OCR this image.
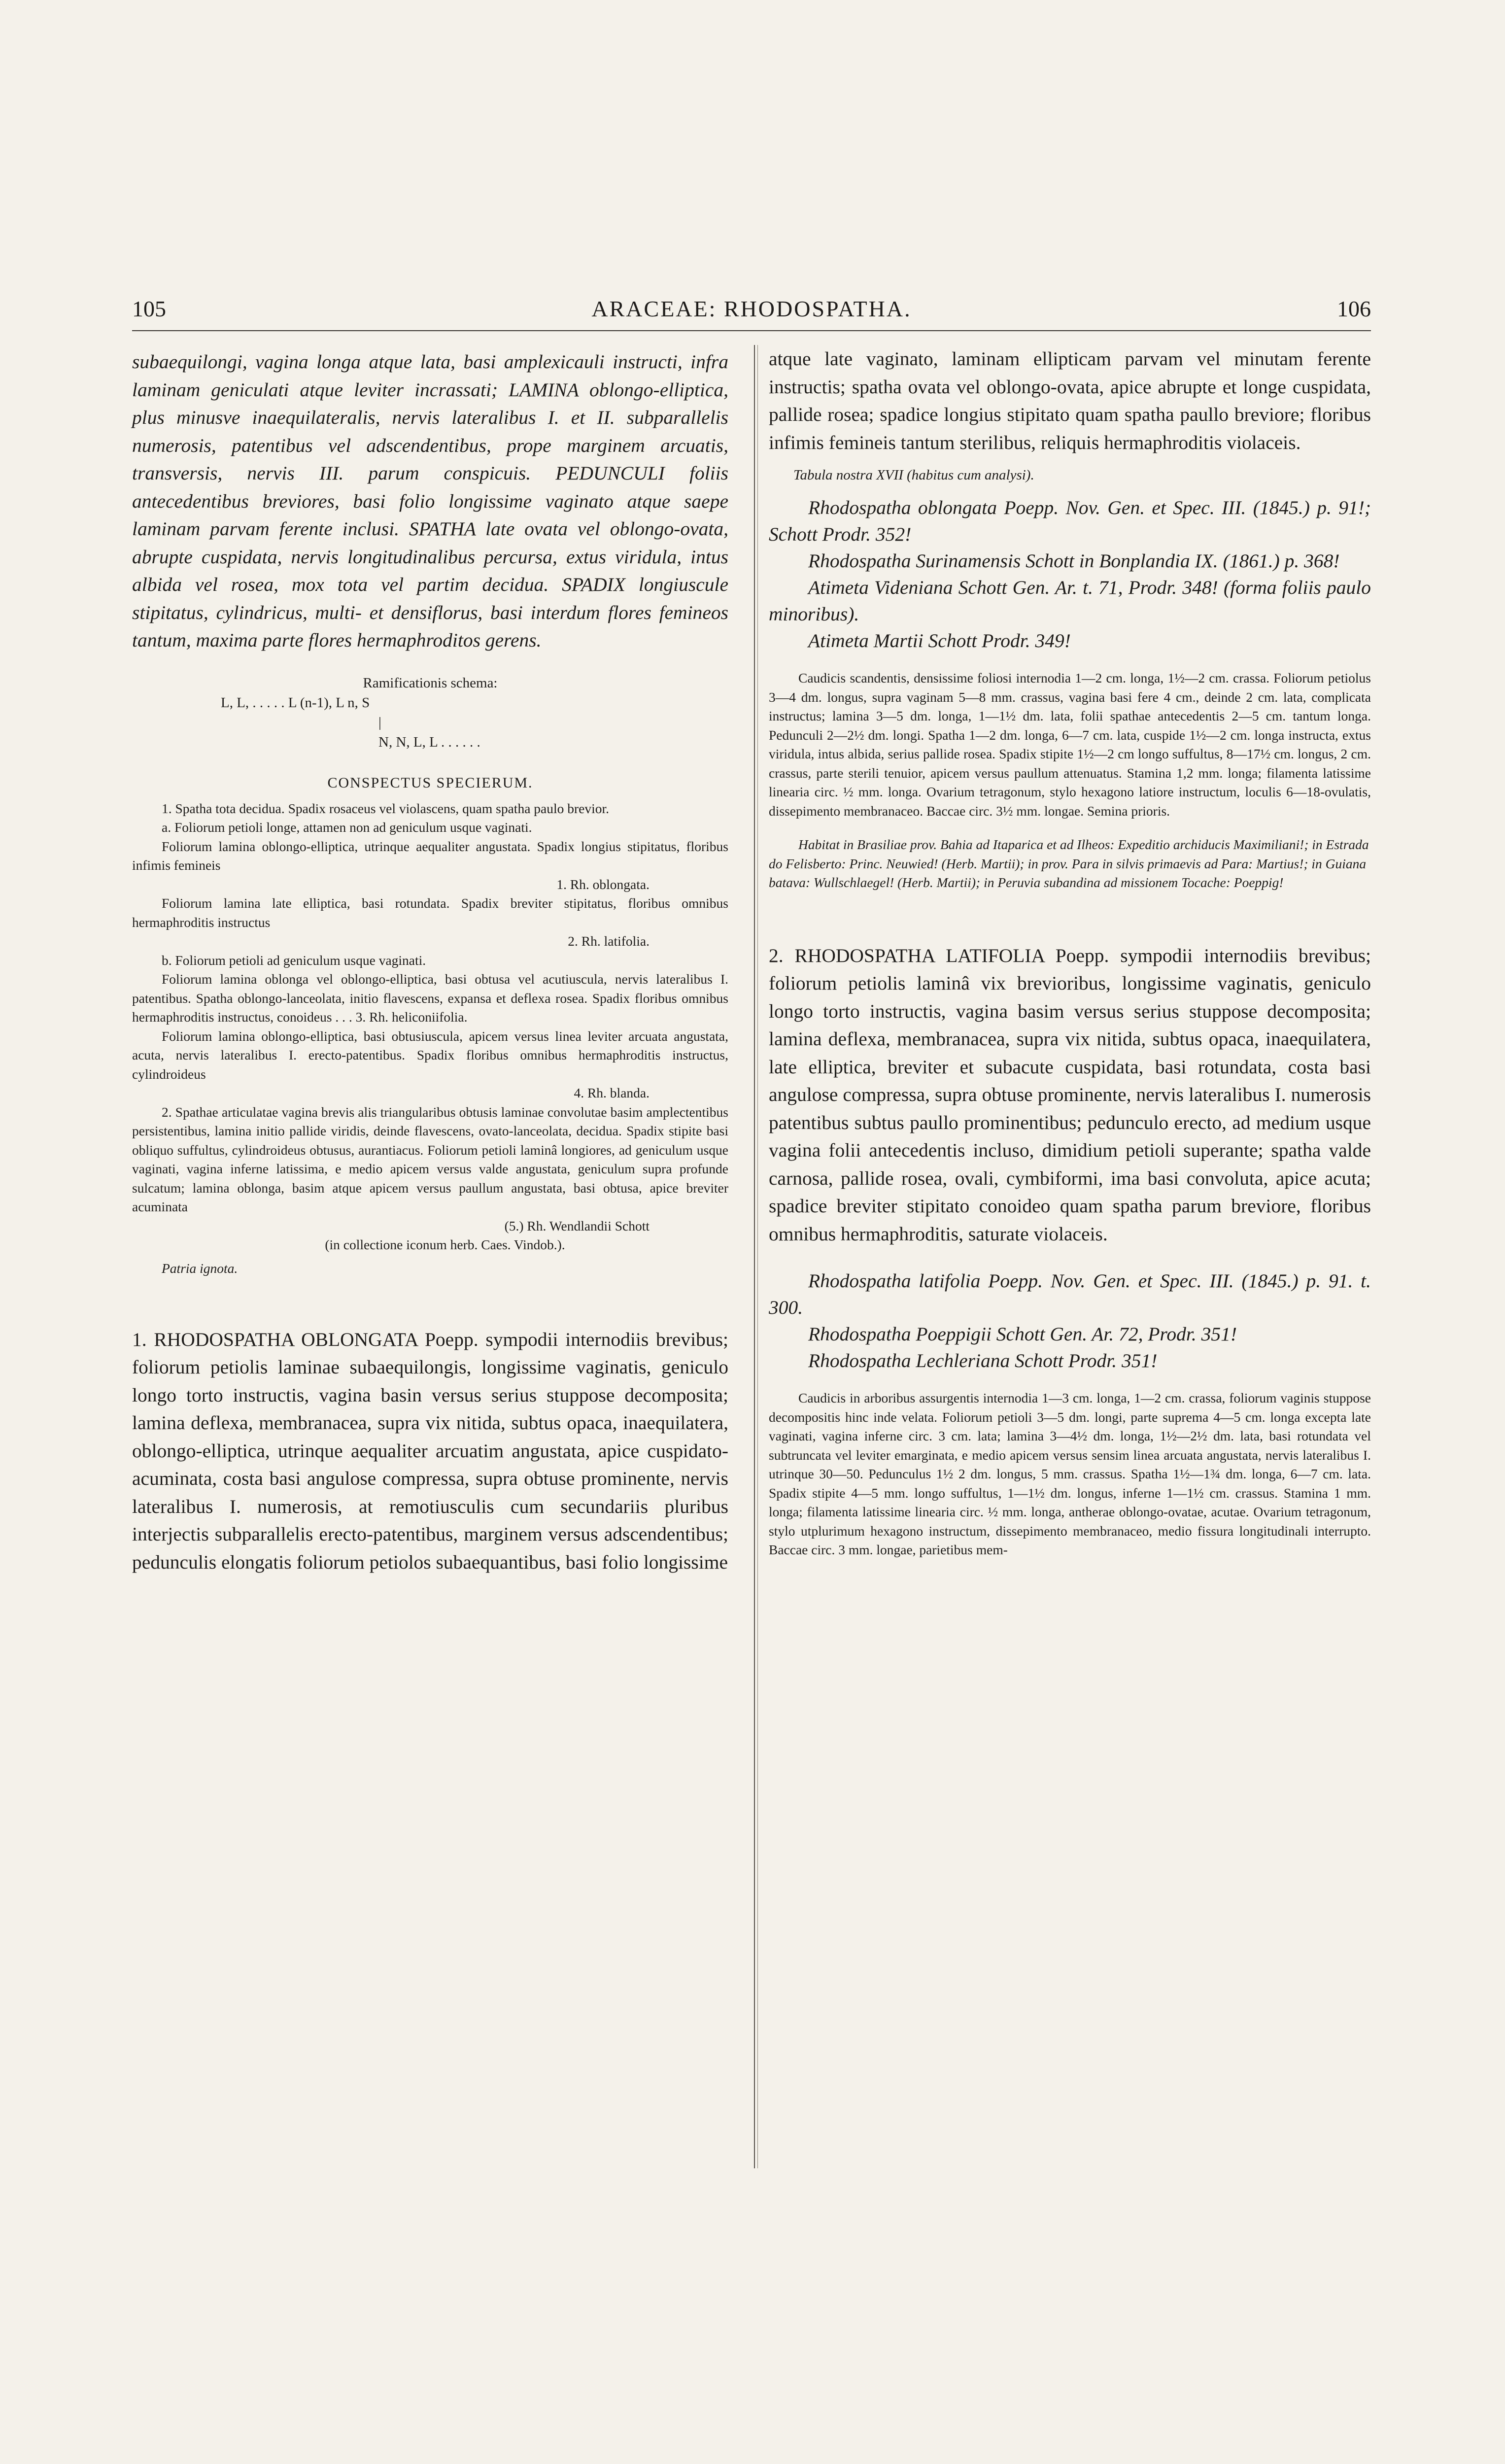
105	ARACEAE: RHODOSPATHA.	106

subaequilongi, vagina longa atque lata, basi amplexicauli instructi, infra laminam geniculati atque leviter incrassati; LAMINA oblongo-elliptica, plus minusve inaequilateralis, nervis lateralibus I. et II. subparallelis numerosis, patentibus vel adscendentibus, prope marginem arcuatis, transversis, nervis III. parum conspicuis. PEDUNCULI foliis antecedentibus breviores, basi folio longissime vaginato atque saepe laminam parvam ferente inclusi. SPATHA late ovata vel oblongo-ovata, abrupte cuspidata, nervis longitudinalibus percursa, extus viridula, intus albida vel rosea, mox tota vel partim decidua. SPADIX longiuscule stipitatus, cylindricus, multi- et densiflorus, basi interdum flores femineos tantum, maxima parte flores hermaphroditos gerens.

Ramificationis schema:
L, L, . . . . . L (n-1), L n, S
|
N, N, L, L . . . . . .
CONSPECTUS SPECIERUM.

1. Spatha tota decidua. Spadix rosaceus vel violascens, quam spatha paulo brevior.

a. Foliorum petioli longe, attamen non ad geniculum usque vaginati.

Foliorum lamina oblongo-elliptica, utrinque aequaliter angustata. Spadix longius stipitatus, floribus infimis femineis

1. Rh. oblongata.

Foliorum lamina late elliptica, basi rotundata. Spadix breviter stipitatus, floribus omnibus hermaphroditis instructus

2. Rh. latifolia.

b. Foliorum petioli ad geniculum usque vaginati.

Foliorum lamina oblonga vel oblongo-elliptica, basi obtusa vel acutiuscula, nervis lateralibus I. patentibus. Spatha oblongo-lanceolata, initio flavescens, expansa et deflexa rosea. Spadix floribus omnibus hermaphroditis instructus, conoideus . . . 3. Rh. heliconiifolia.

Foliorum lamina oblongo-elliptica, basi obtusiuscula, apicem versus linea leviter arcuata angustata, acuta, nervis lateralibus I. erecto-patentibus. Spadix floribus omnibus hermaphroditis instructus, cylindroideus

4. Rh. blanda.

2. Spathae articulatae vagina brevis alis triangularibus obtusis laminae convolutae basim amplectentibus persistentibus, lamina initio pallide viridis, deinde flavescens, ovato-lanceolata, decidua. Spadix stipite basi obliquo suffultus, cylindroideus obtusus, aurantiacus. Foliorum petioli laminâ longiores, ad geniculum usque vaginati, vagina inferne latissima, e medio apicem versus valde angustata, geniculum supra profunde sulcatum; lamina oblonga, basim atque apicem versus paullum angustata, basi obtusa, apice breviter acuminata

(5.) Rh. Wendlandii Schott

(in collectione iconum herb. Caes. Vindob.).

Patria ignota.

1. RHODOSPATHA OBLONGATA Poepp. sympodii internodiis brevibus; foliorum petiolis laminae subaequilongis, longissime vaginatis, geniculo longo torto instructis, vagina basin versus serius stuppose decomposita; lamina deflexa, membranacea, supra vix nitida, subtus opaca, inaequilatera, oblongo-elliptica, utrinque aequaliter arcuatim angustata, apice cuspidato-acuminata, costa basi angulose compressa, supra obtuse prominente, nervis lateralibus I. numerosis, at remotiusculis cum secundariis pluribus interjectis subparallelis erecto-patentibus, marginem versus adscendentibus; pedunculis elongatis foliorum petiolos subaequantibus, basi folio longissime

atque late vaginato, laminam ellipticam parvam vel minutam ferente instructis; spatha ovata vel oblongo-ovata, apice abrupte et longe cuspidata, pallide rosea; spadice longius stipitato quam spatha paullo breviore; floribus infimis femineis tantum sterilibus, reliquis hermaphroditis violaceis.

Tabula nostra XVII (habitus cum analysi).

Rhodospatha oblongata Poepp. Nov. Gen. et Spec. III. (1845.) p. 91!; Schott Prodr. 352!

Rhodospatha Surinamensis Schott in Bonplandia IX. (1861.) p. 368!

Atimeta Videniana Schott Gen. Ar. t. 71, Prodr. 348! (forma foliis paulo minoribus).

Atimeta Martii Schott Prodr. 349!

Caudicis scandentis, densissime foliosi internodia 1—2 cm. longa, 1½—2 cm. crassa. Foliorum petiolus 3—4 dm. longus, supra vaginam 5—8 mm. crassus, vagina basi fere 4 cm., deinde 2 cm. lata, complicata instructus; lamina 3—5 dm. longa, 1—1½ dm. lata, folii spathae antecedentis 2—5 cm. tantum longa. Pedunculi 2—2½ dm. longi. Spatha 1—2 dm. longa, 6—7 cm. lata, cuspide 1½—2 cm. longa instructa, extus viridula, intus albida, serius pallide rosea. Spadix stipite 1½—2 cm longo suffultus, 8—17½ cm. longus, 2 cm. crassus, parte sterili tenuior, apicem versus paullum attenuatus. Stamina 1,2 mm. longa; filamenta latissime linearia circ. ½ mm. longa. Ovarium tetragonum, stylo hexagono latiore instructum, loculis 6—18-ovulatis, dissepimento membranaceo. Baccae circ. 3½ mm. longae. Semina prioris.

Habitat in Brasiliae prov. Bahia ad Itaparica et ad Ilheos: Expeditio archiducis Maximiliani!; in Estrada do Felisberto: Princ. Neuwied! (Herb. Martii); in prov. Para in silvis primaevis ad Para: Martius!; in Guiana batava: Wullschlaegel! (Herb. Martii); in Peruvia subandina ad missionem Tocache: Poeppig!

2. RHODOSPATHA LATIFOLIA Poepp. sympodii internodiis brevibus; foliorum petiolis laminâ vix brevioribus, longissime vaginatis, geniculo longo torto instructis, vagina basim versus serius stuppose decomposita; lamina deflexa, membranacea, supra vix nitida, subtus opaca, inaequilatera, late elliptica, breviter et subacute cuspidata, basi rotundata, costa basi angulose compressa, supra obtuse prominente, nervis lateralibus I. numerosis patentibus subtus paullo prominentibus; pedunculo erecto, ad medium usque vagina folii antecedentis incluso, dimidium petioli superante; spatha valde carnosa, pallide rosea, ovali, cymbiformi, ima basi convoluta, apice acuta; spadice breviter stipitato conoideo quam spatha parum breviore, floribus omnibus hermaphroditis, saturate violaceis.

Rhodospatha latifolia Poepp. Nov. Gen. et Spec. III. (1845.) p. 91. t. 300.

Rhodospatha Poeppigii Schott Gen. Ar. 72, Prodr. 351!

Rhodospatha Lechleriana Schott Prodr. 351!

Caudicis in arboribus assurgentis internodia 1—3 cm. longa, 1—2 cm. crassa, foliorum vaginis stuppose decompositis hinc inde velata. Foliorum petioli 3—5 dm. longi, parte suprema 4—5 cm. longa excepta late vaginati, vagina inferne circ. 3 cm. lata; lamina 3—4½ dm. longa, 1½—2½ dm. lata, basi rotundata vel subtruncata vel leviter emarginata, e medio apicem versus sensim linea arcuata angustata, nervis lateralibus I. utrinque 30—50. Pedunculus 1½ 2 dm. longus, 5 mm. crassus. Spatha 1½—1¾ dm. longa, 6—7 cm. lata. Spadix stipite 4—5 mm. longo suffultus, 1—1½ dm. longus, inferne 1—1½ cm. crassus. Stamina 1 mm. longa; filamenta latissime linearia circ. ½ mm. longa, antherae oblongo-ovatae, acutae. Ovarium tetragonum, stylo utplurimum hexagono instructum, dissepimento membranaceo, medio fissura longitudinali interrupto. Baccae circ. 3 mm. longae, parietibus mem-
